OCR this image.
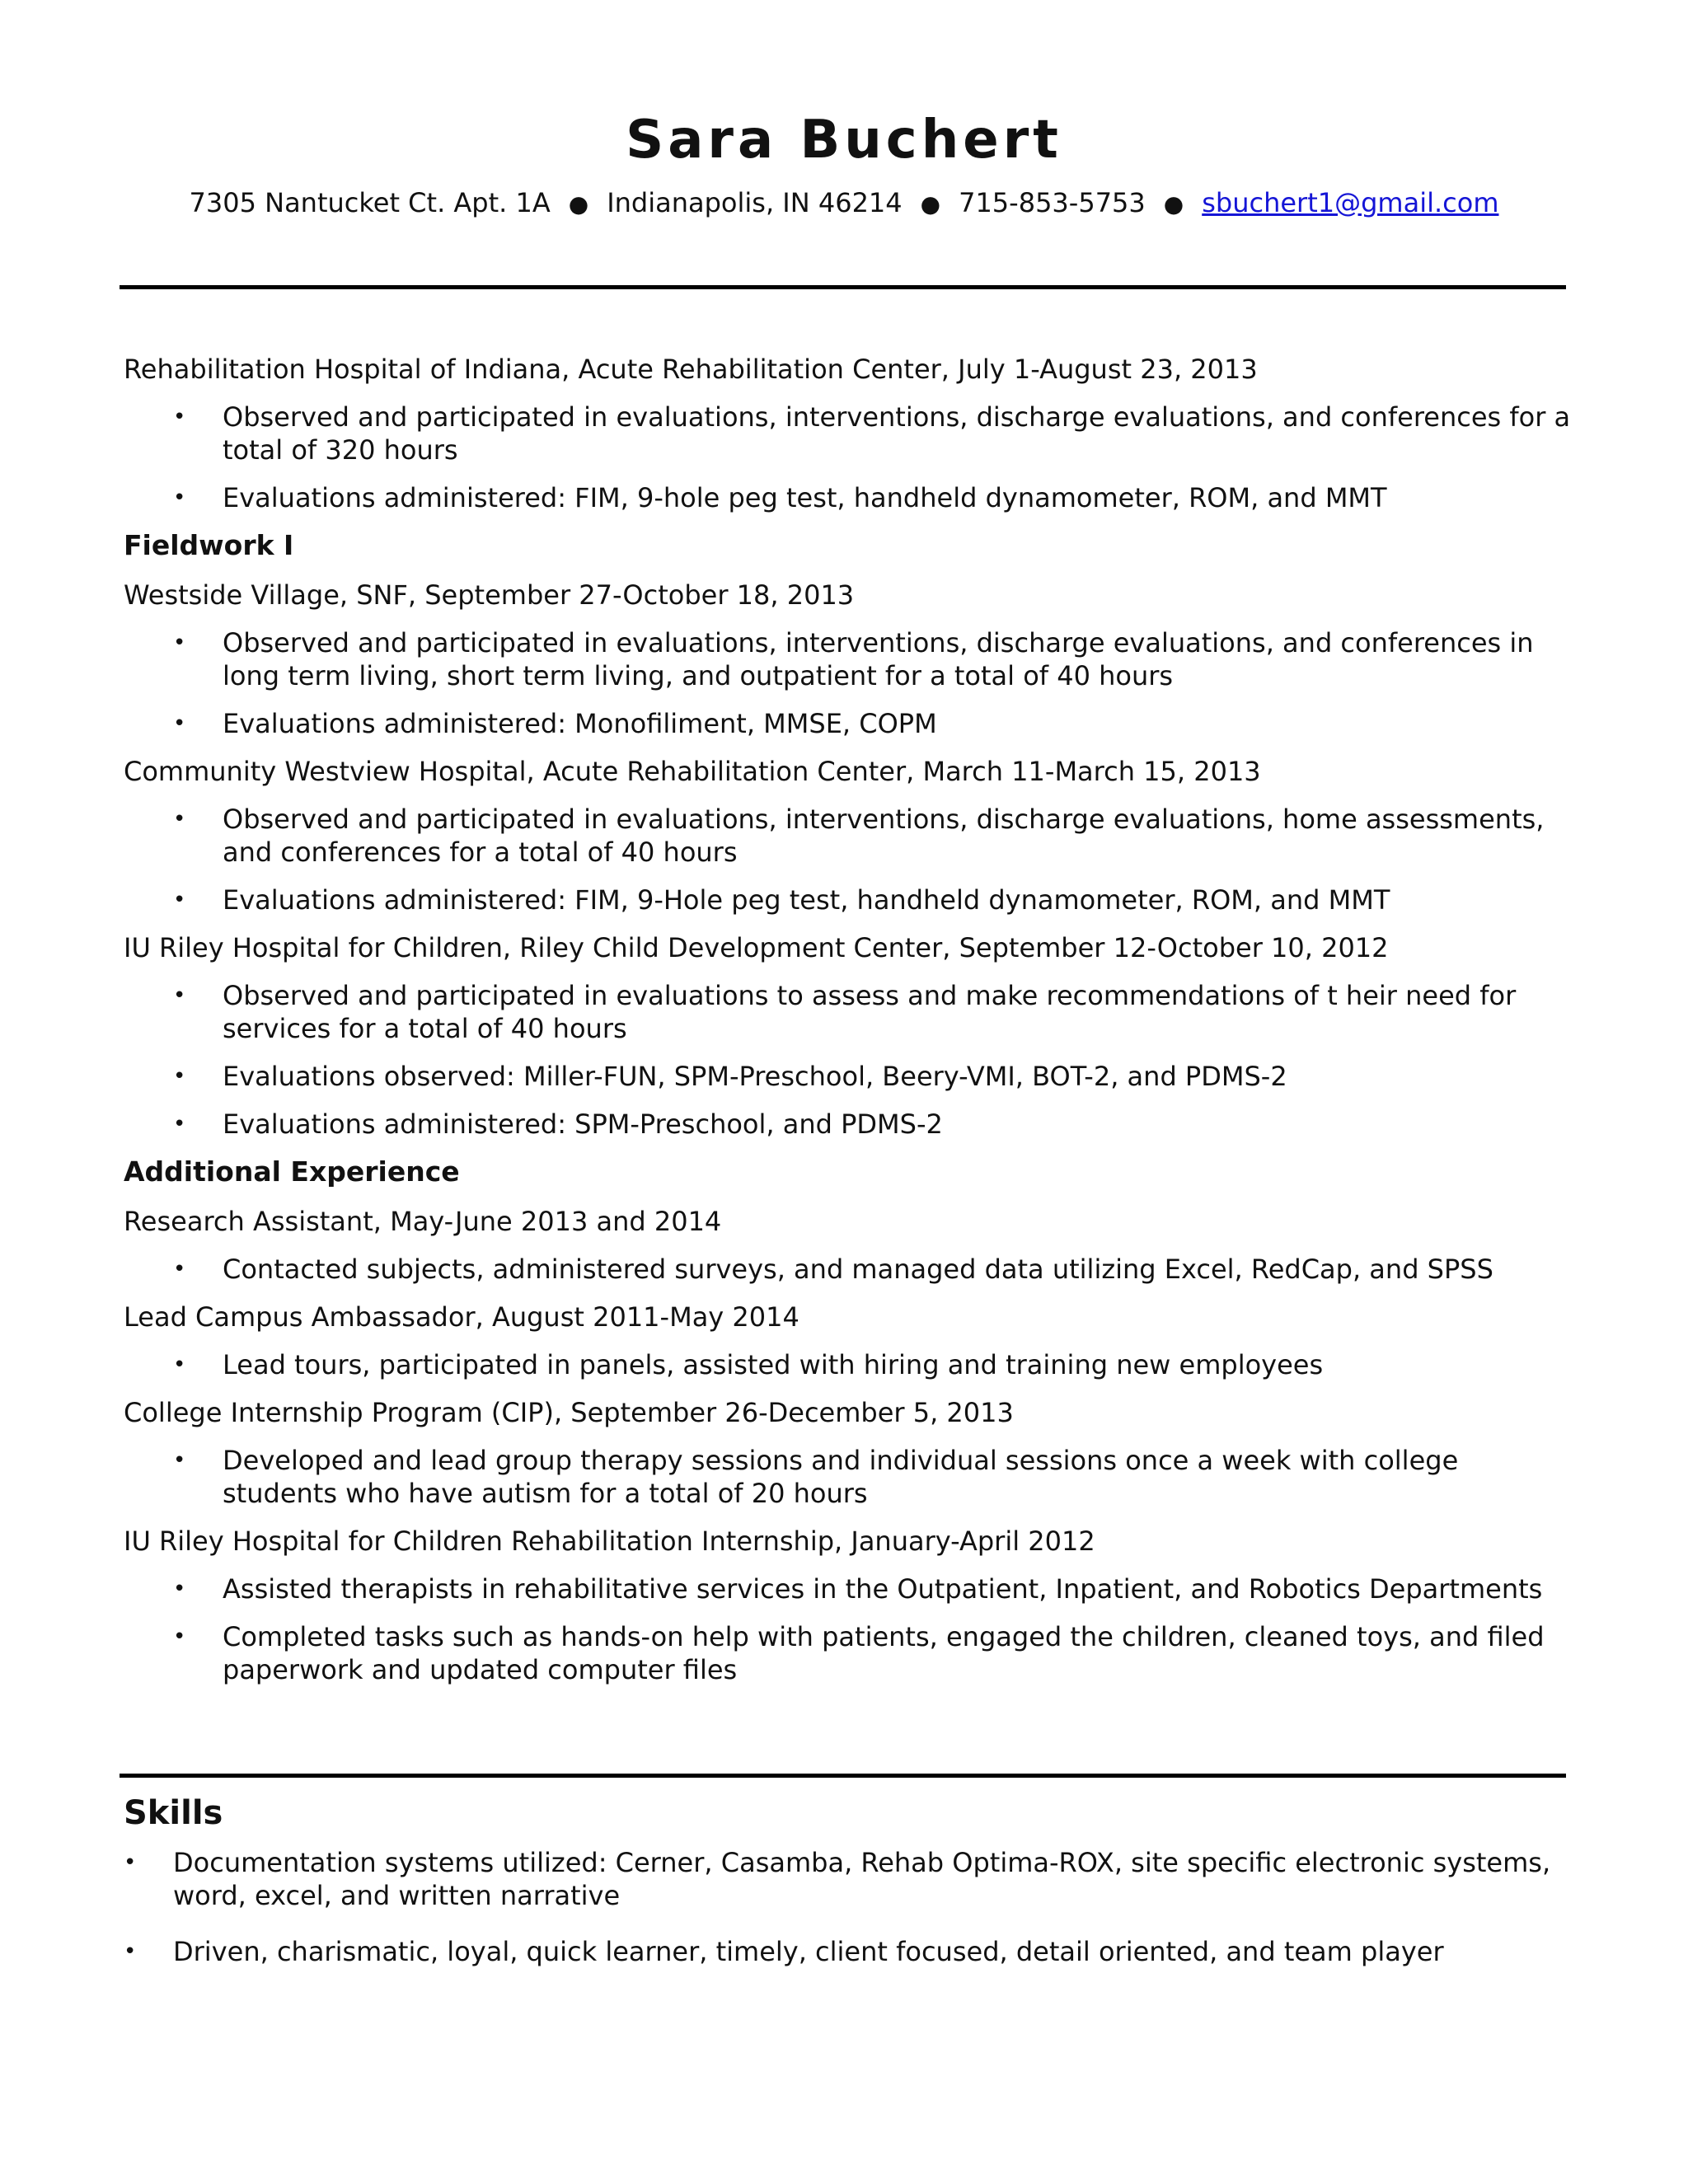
Sara Buchert
7305 Nantucket Ct. Apt. 1A ● Indianapolis, IN 46214 ● 715-853-5753 ● sbuchert1@gmail.com

Rehabilitation Hospital of Indiana, Acute Rehabilitation Center, July 1-August 23, 2013

• Observed and participated in evaluations, interventions, discharge evaluations, and conferences for a total of 320 hours
• Evaluations administered: FIM, 9-hole peg test, handheld dynamometer, ROM, and MMT

Fieldwork I

Westside Village, SNF, September 27-October 18, 2013

• Observed and participated in evaluations, interventions, discharge evaluations, and conferences in long term living, short term living, and outpatient for a total of 40 hours
• Evaluations administered: Monofiliment, MMSE, COPM

Community Westview Hospital, Acute Rehabilitation Center, March 11-March 15, 2013

• Observed and participated in evaluations, interventions, discharge evaluations, home assessments, and conferences for a total of 40 hours
• Evaluations administered: FIM, 9-Hole peg test, handheld dynamometer, ROM, and MMT

IU Riley Hospital for Children, Riley Child Development Center, September 12-October 10, 2012

• Observed and participated in evaluations to assess and make recommendations of t heir need for services for a total of 40 hours
• Evaluations observed: Miller-FUN, SPM-Preschool, Beery-VMI, BOT-2, and PDMS-2
• Evaluations administered: SPM-Preschool, and PDMS-2

Additional Experience

Research Assistant, May-June 2013 and 2014

• Contacted subjects, administered surveys, and managed data utilizing Excel, RedCap, and SPSS

Lead Campus Ambassador, August 2011-May 2014

• Lead tours, participated in panels, assisted with hiring and training new employees

College Internship Program (CIP), September 26-December 5, 2013

• Developed and lead group therapy sessions and individual sessions once a week with college students who have autism for a total of 20 hours

IU Riley Hospital for Children Rehabilitation Internship, January-April 2012

• Assisted therapists in rehabilitative services in the Outpatient, Inpatient, and Robotics Departments
• Completed tasks such as hands-on help with patients, engaged the children, cleaned toys, and filed paperwork and updated computer files
Skills
• Documentation systems utilized: Cerner, Casamba, Rehab Optima-ROX, site specific electronic systems, word, excel, and written narrative
• Driven, charismatic, loyal, quick learner, timely, client focused, detail oriented, and team player
